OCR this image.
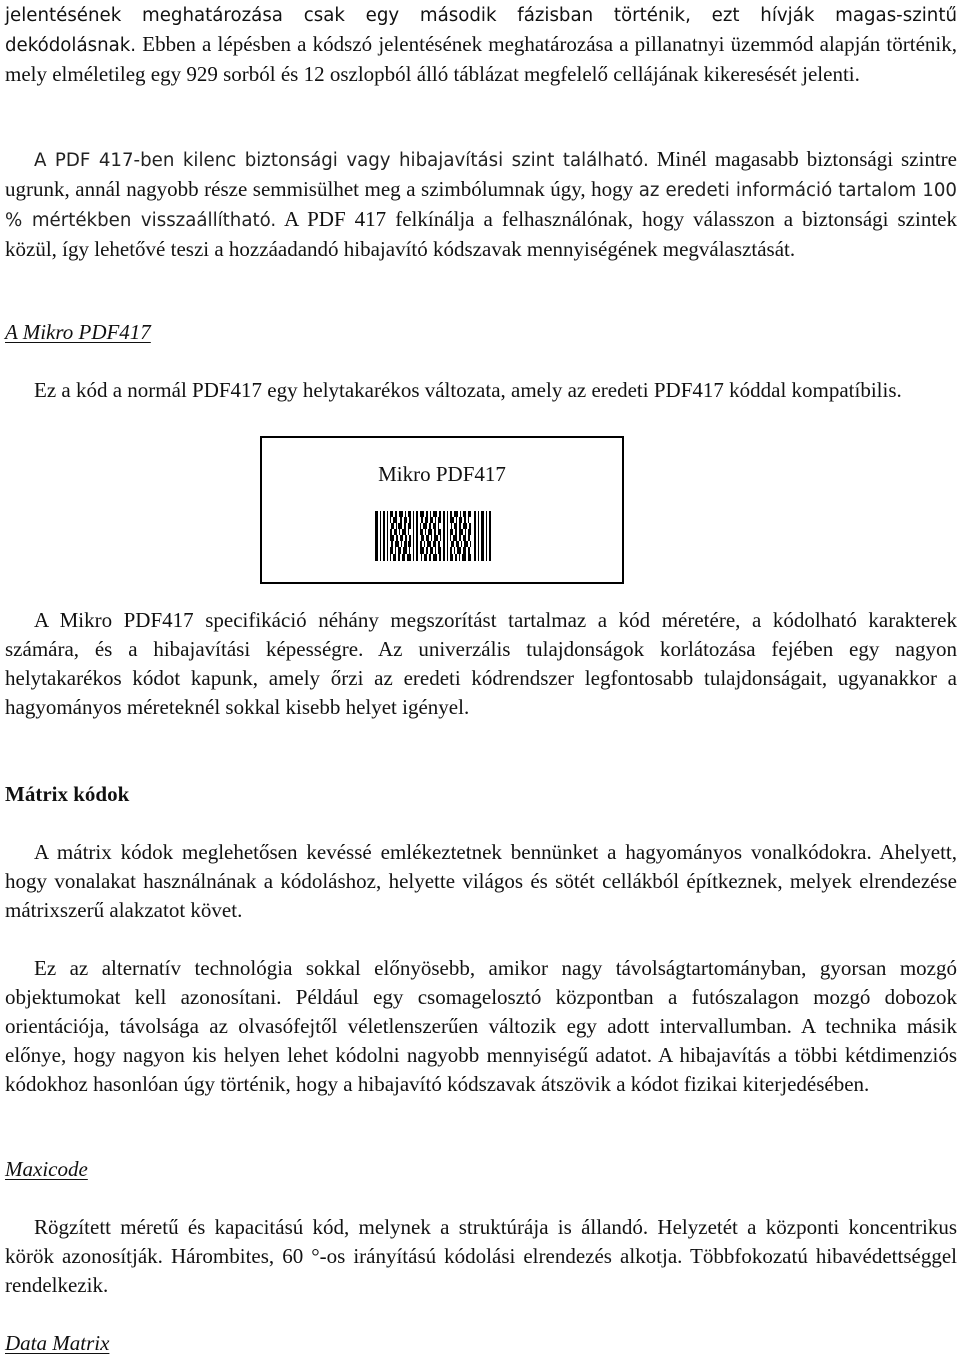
jelentésének meghatározása csak egy második fázisban történik, ezt hívják magas-szintű dekódolásnak. Ebben a lépésben a kódszó jelentésének meghatározása a pillanatnyi üzemmód alapján történik, mely elméletileg egy 929 sorból és 12 oszlopból álló táblázat megfelelő cellájának kikeresését jelenti.

A PDF 417-ben kilenc biztonsági vagy hibajavítási szint található. Minél magasabb biztonsági szintre ugrunk, annál nagyobb része semmisülhet meg a szimbólumnak úgy, hogy az eredeti információ tartalom 100 % mértékben visszaállítható. A PDF 417 felkínálja a felhasználónak, hogy válasszon a biztonsági szintek közül, így lehetővé teszi a hozzáadandó hibajavító kódszavak mennyiségének megválasztását.

A Mikro PDF417

Ez a kód a normál PDF417 egy helytakarékos változata, amely az eredeti PDF417 kóddal kompatíbilis.

Mikro PDF417

A Mikro PDF417 specifikáció néhány megszorítást tartalmaz a kód méretére, a kódolható karakterek számára, és a hibajavítási képességre. Az univerzális tulajdonságok korlátozása fejében egy nagyon helytakarékos kódot kapunk, amely őrzi az eredeti kódrendszer legfontosabb tulajdonságait, ugyanakkor a hagyományos méreteknél sokkal kisebb helyet igényel.

Mátrix kódok

A mátrix kódok meglehetősen kevéssé emlékeztetnek bennünket a hagyományos vonalkódokra. Ahelyett, hogy vonalakat használnának a kódoláshoz, helyette világos és sötét cellákból építkeznek, melyek elrendezése mátrixszerű alakzatot követ.

Ez az alternatív technológia sokkal előnyösebb, amikor nagy távolságtartományban, gyorsan mozgó objektumokat kell azonosítani. Például egy csomagelosztó központban a futószalagon mozgó dobozok orientációja, távolsága az olvasófejtől véletlenszerűen változik egy adott intervallumban. A technika másik előnye, hogy nagyon kis helyen lehet kódolni nagyobb mennyiségű adatot. A hibajavítás a többi kétdimenziós kódokhoz hasonlóan úgy történik, hogy a hibajavító kódszavak átszövik a kódot fizikai kiterjedésében.

Maxicode

Rögzített méretű és kapacitású kód, melynek a struktúrája is állandó. Helyzetét a központi koncentrikus körök azonosítják. Hárombites, 60 °-os irányítású kódolási elrendezés alkotja. Többfokozatú hibavédettséggel rendelkezik.

Data Matrix
